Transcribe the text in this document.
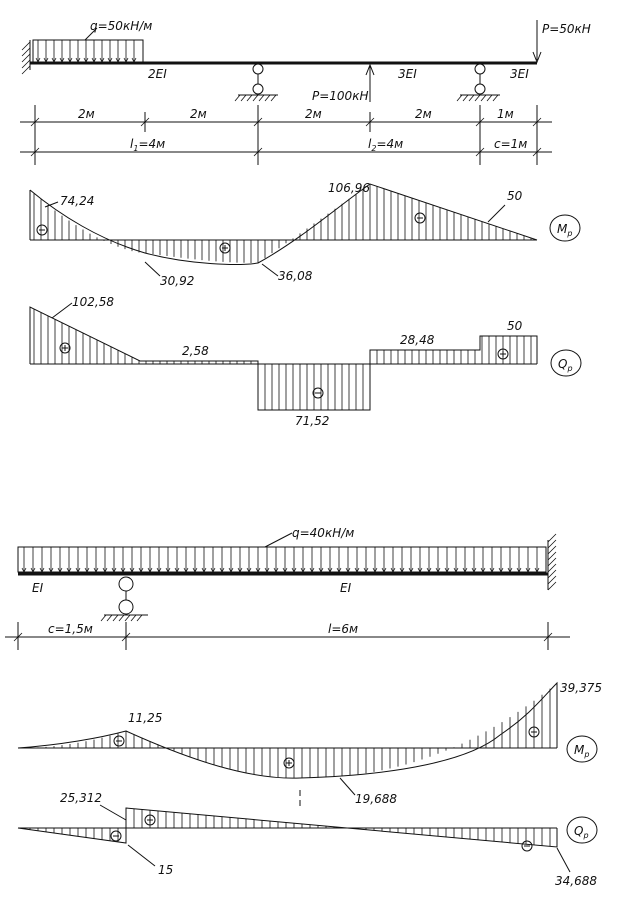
q=50кН/м	P=50кН
P=100кН
2EI	3EI	3EI
2м	2м	2м	2м	1м
$l_1=4м$	$l_2=4м$	c=1м
74,24
106,96
50
30,92	36,08
$M_р$
102,58
2,58
28,48
50
71,52
$Q_р$
q=40кН/м
EI	EI
c=1,5м	l=6м
11,25
19,688
39,375
$M_р$
25,312
15
34,688
$Q_р$
